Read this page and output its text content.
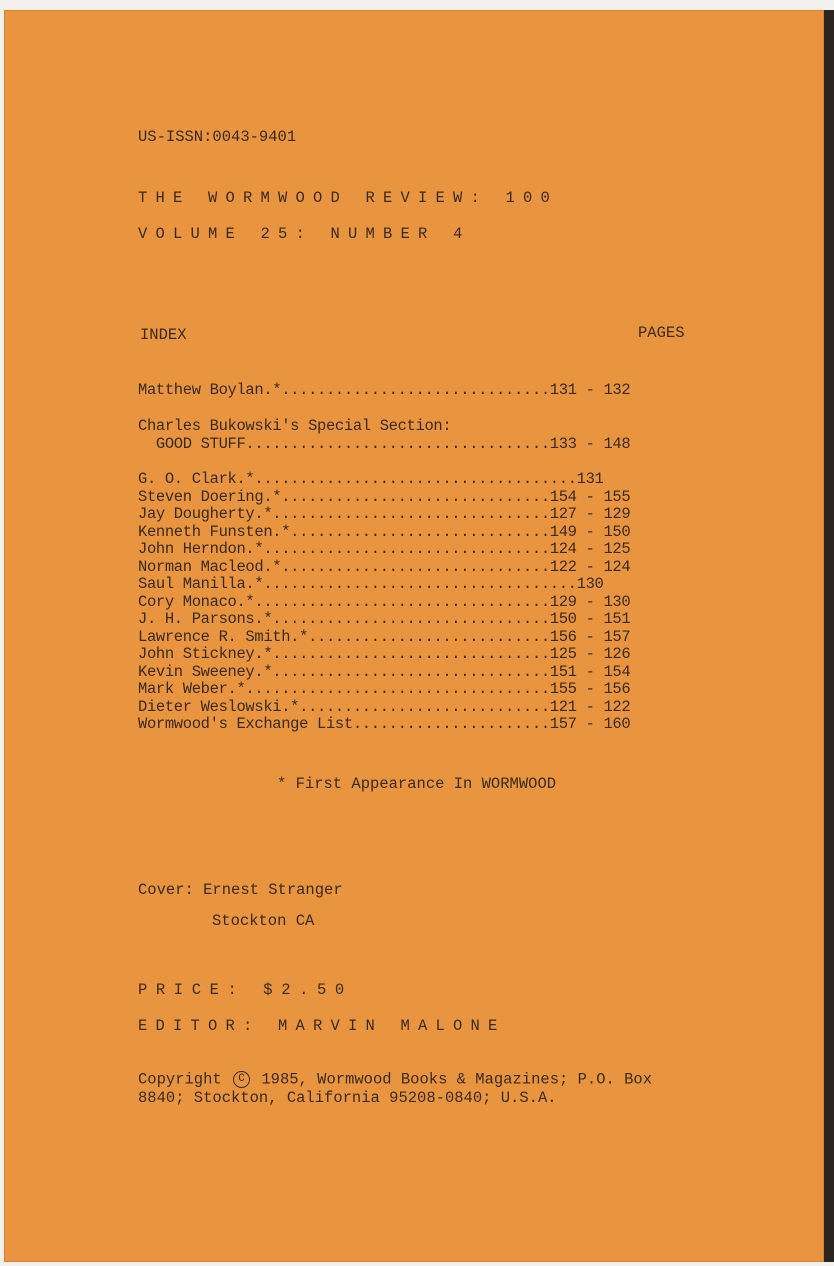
US-ISSN:0043-9401
THE WORMWOOD REVIEW: 100
VOLUME 25: NUMBER 4
INDEX	PAGES
Matthew Boylan.*..............................131 - 132
Charles Bukowski's Special Section:
GOOD STUFF..................................133 - 148
G. O. Clark.*....................................131
Steven Doering.*..............................154 - 155
Jay Dougherty.*...............................127 - 129
Kenneth Funsten.*.............................149 - 150
John Herndon.*................................124 - 125
Norman Macleod.*..............................122 - 124
Saul Manilla.*...................................130
Cory Monaco.*.................................129 - 130
J. H. Parsons.*...............................150 - 151
Lawrence R. Smith.*...........................156 - 157
John Stickney.*...............................125 - 126
Kevin Sweeney.*...............................151 - 154
Mark Weber.*..................................155 - 156
Dieter Weslowski.*............................121 - 122
Wormwood's Exchange List......................157 - 160
* First Appearance In WORMWOOD
Cover: Ernest Stranger
Stockton CA
PRICE: $2.50
EDITOR: MARVIN MALONE
Copyright C 1985, Wormwood Books & Magazines; P.O. Box
8840; Stockton, California 95208-0840; U.S.A.
